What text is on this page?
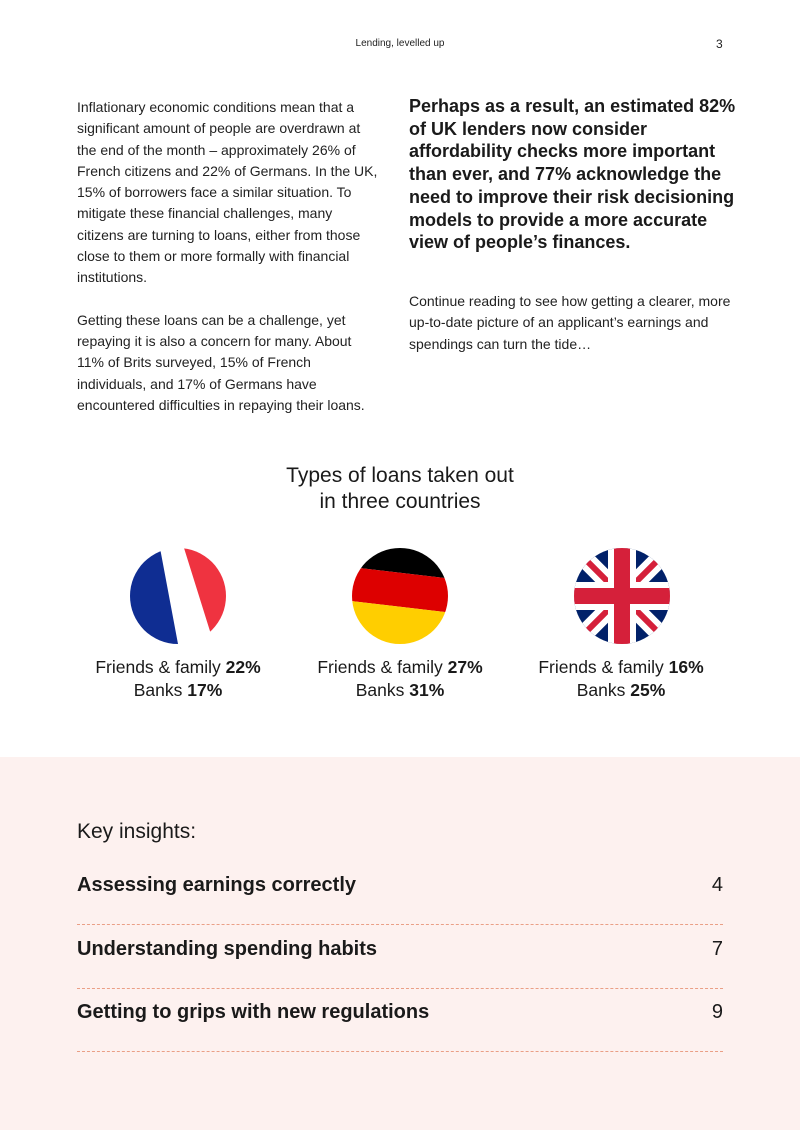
Lending, levelled up	3

Inflationary economic conditions mean that a significant amount of people are overdrawn at the end of the month – approximately 26% of French citizens and 22% of Germans. In the UK, 15% of borrowers face a similar situation. To mitigate these financial challenges, many citizens are turning to loans, either from those close to them or more formally with financial institutions.

Getting these loans can be a challenge, yet repaying it is also a concern for many. About 11% of Brits surveyed, 15% of French individuals, and 17% of Germans have encountered difficulties in repaying their loans.

Perhaps as a result, an estimated 82% of UK lenders now consider affordability checks more important than ever, and 77% acknowledge the need to improve their risk decisioning models to provide a more accurate view of people’s finances.

Continue reading to see how getting a clearer, more up-to-date picture of an applicant’s earnings and spendings can turn the tide…

Types of loans taken out
in three countries
Friends & family 22%
Banks 17%
Friends & family 27%
Banks 31%
Friends & family 16%
Banks 25%
Key insights:
Assessing earnings correctly	4
Understanding spending habits	7
Getting to grips with new regulations	9
